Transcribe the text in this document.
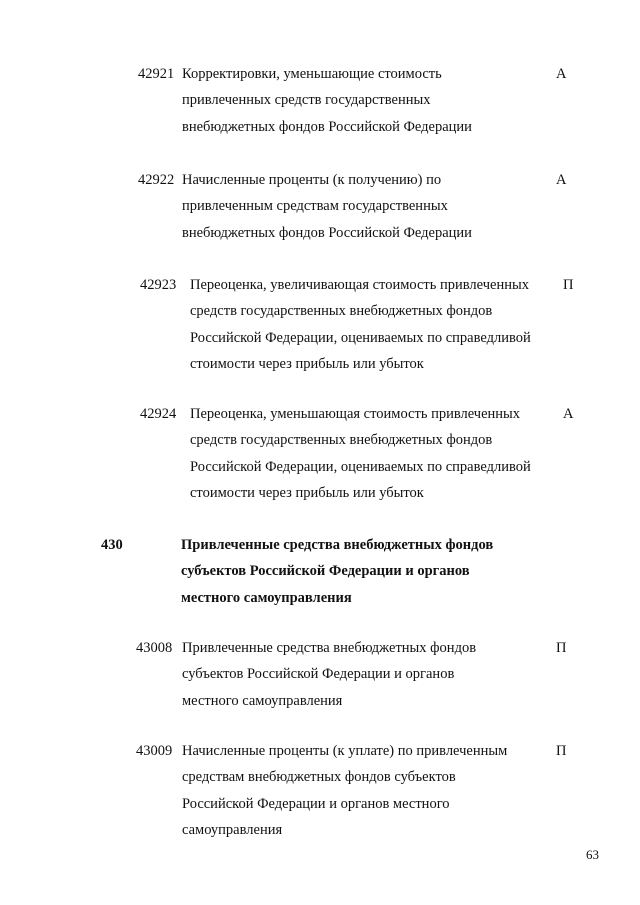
42921 Корректировки, уменьшающие стоимость
привлеченных средств государственных
внебюджетных фондов Российской Федерации
А
42922 Начисленные проценты (к получению) по
привлеченным средствам государственных
внебюджетных фондов Российской Федерации
А
42923 Переоценка, увеличивающая стоимость привлеченных
средств государственных внебюджетных фондов
Российской Федерации, оцениваемых по справедливой
стоимости через прибыль или убыток
П
42924 Переоценка, уменьшающая стоимость привлеченных
средств государственных внебюджетных фондов
Российской Федерации, оцениваемых по справедливой
стоимости через прибыль или убыток
А
430	Привлеченные средства внебюджетных фондов
субъектов Российской Федерации и органов
местного самоуправления
43008 Привлеченные средства внебюджетных фондов
субъектов Российской Федерации и органов
местного самоуправления
П
43009 Начисленные проценты (к уплате) по привлеченным
средствам внебюджетных фондов субъектов
Российской Федерации и органов местного
самоуправления
П
63
